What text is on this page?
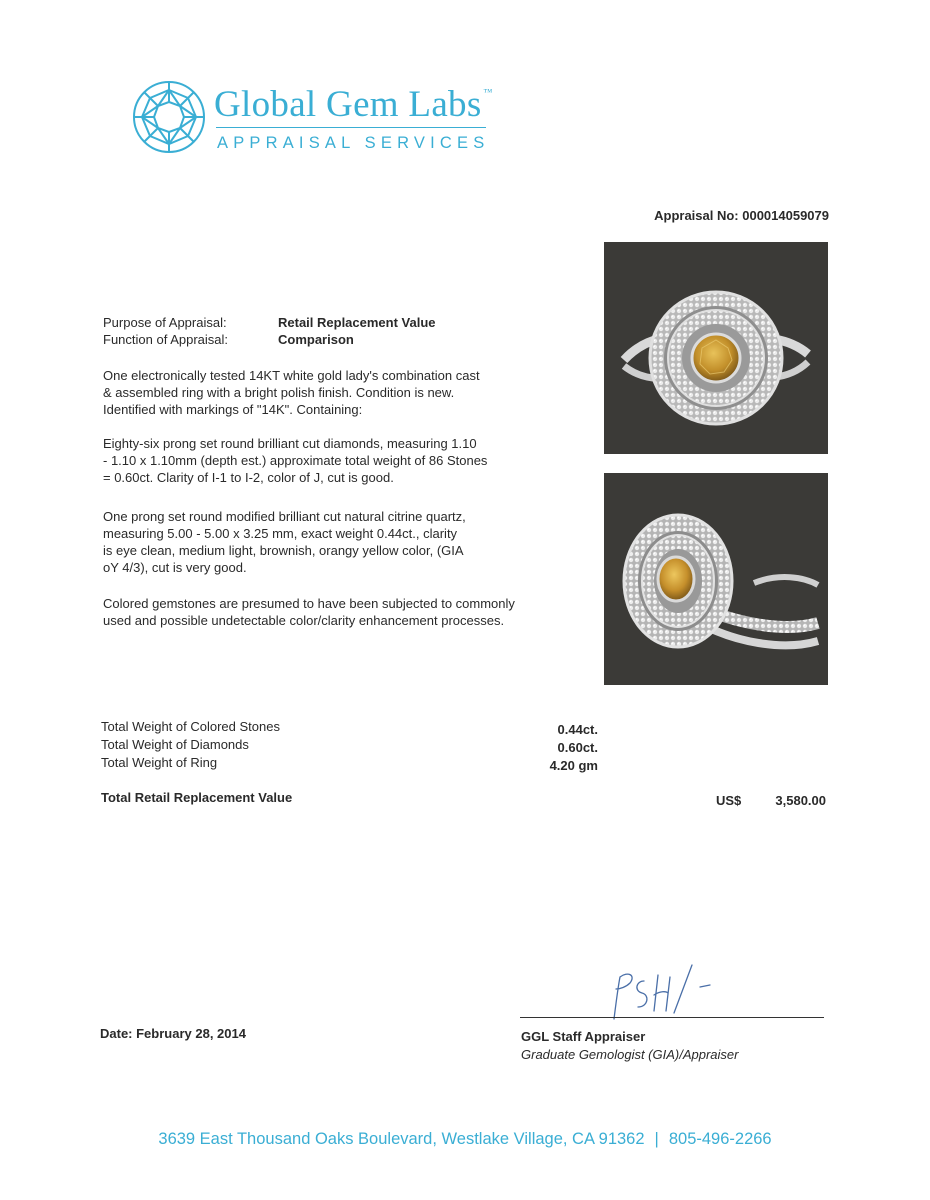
Global Gem Labs ™
APPRAISAL SERVICES
Appraisal No: 000014059079
Purpose of Appraisal:	Retail Replacement Value
Function of Appraisal:	Comparison
One electronically tested 14KT white gold lady's combination cast
& assembled ring with a bright polish finish. Condition is new.
Identified with markings of "14K". Containing:
Eighty-six prong set round brilliant cut diamonds, measuring 1.10
- 1.10 x 1.10mm (depth est.) approximate total weight of 86 Stones
= 0.60ct. Clarity of I-1 to I-2, color of J, cut is good.
One prong set round modified brilliant cut natural citrine quartz,
measuring 5.00 - 5.00 x 3.25 mm, exact weight 0.44ct., clarity
is eye clean, medium light, brownish, orangy yellow color, (GIA
oY 4/3), cut is very good.
Colored gemstones are presumed to have been subjected to commonly
used and possible undetectable color/clarity enhancement processes.
Total Weight of Colored Stones	0.44ct.
Total Weight of Diamonds	0.60ct.
Total Weight of Ring	4.20 gm
Total Retail Replacement Value	US$	3,580.00
Date: February 28, 2014	GGL Staff Appraiser
Graduate Gemologist (GIA)/Appraiser
3639 East Thousand Oaks Boulevard, Westlake Village, CA 91362 | 805-496-2266
